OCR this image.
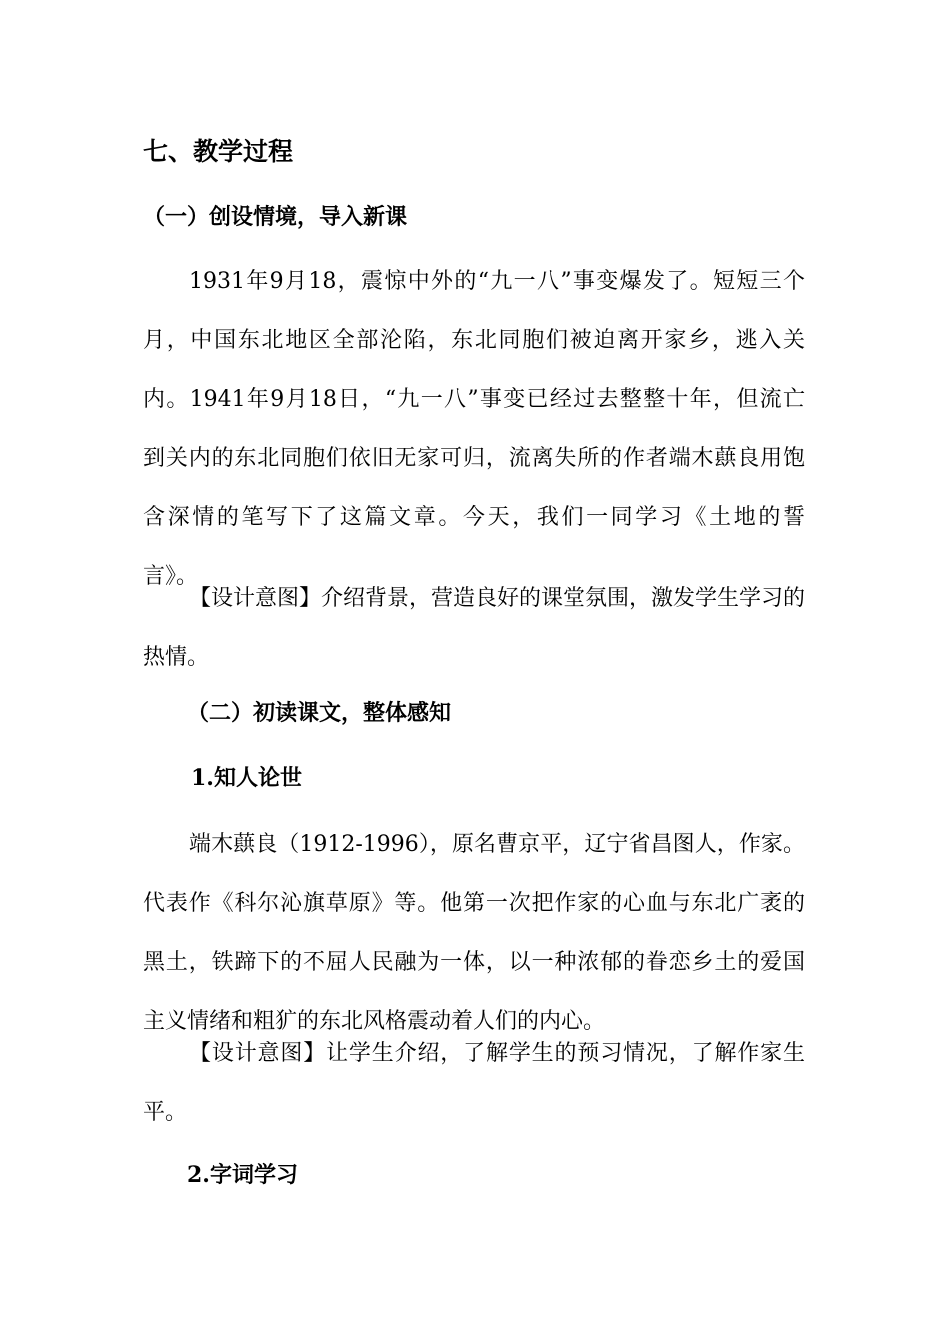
七、教学过程
（一）创设情境，导入新课
1931年9月18，震惊中外的“九一八”事变爆发了。短短三个
月，中国东北地区全部沦陷，东北同胞们被迫离开家乡，逃入关
内。1941年9月18日，“九一八”事变已经过去整整十年，但流亡
到关内的东北同胞们依旧无家可归，流离失所的作者端木蕻良用饱
含深情的笔写下了这篇文章。今天，我们一同学习《土地的誓
言》。
【设计意图】介绍背景，营造良好的课堂氛围，激发学生学习的
热情。
（二）初读课文，整体感知
1.知人论世
端木蕻良（1912-1996），原名曹京平，辽宁省昌图人，作家。
代表作《科尔沁旗草原》等。他第一次把作家的心血与东北广袤的
黑土，铁蹄下的不屈人民融为一体，以一种浓郁的眷恋乡土的爱国
主义情绪和粗犷的东北风格震动着人们的内心。
【设计意图】让学生介绍，了解学生的预习情况，了解作家生
平。
2.字词学习
